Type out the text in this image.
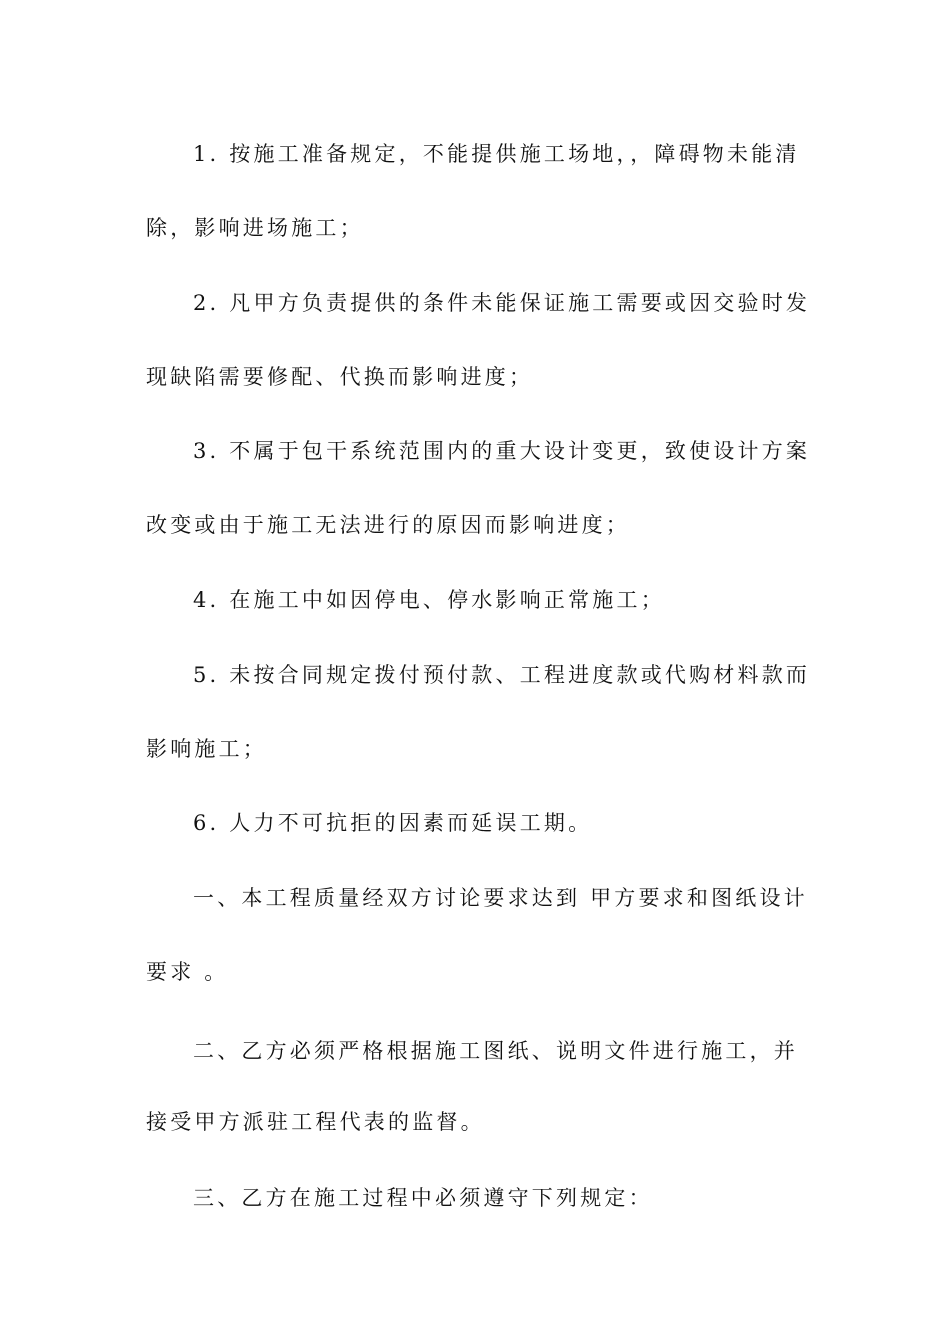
1. 按施工准备规定，不能提供施工场地，，障碍物未能清

除，影响进场施工；

2. 凡甲方负责提供的条件未能保证施工需要或因交验时发

现缺陷需要修配、代换而影响进度；

3. 不属于包干系统范围内的重大设计变更，致使设计方案

改变或由于施工无法进行的原因而影响进度；

4. 在施工中如因停电、停水影响正常施工；

5. 未按合同规定拨付预付款、工程进度款或代购材料款而

影响施工；

6. 人力不可抗拒的因素而延误工期。

一、本工程质量经双方讨论要求达到 甲方要求和图纸设计

要求 。

二、乙方必须严格根据施工图纸、说明文件进行施工，并

接受甲方派驻工程代表的监督。

三、乙方在施工过程中必须遵守下列规定：
